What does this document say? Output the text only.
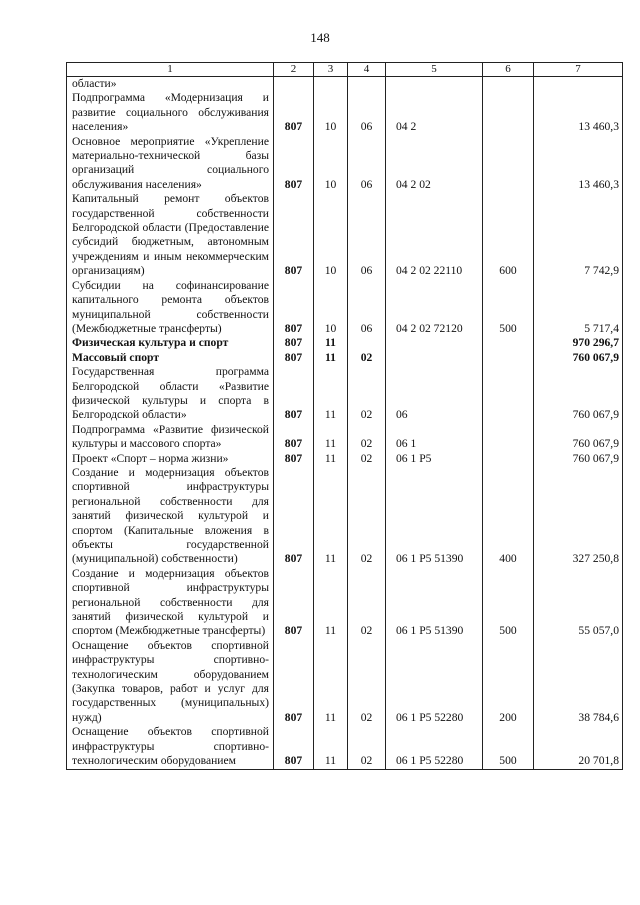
148
1	2	3	4	5	6	7
области»						
Подпрограмма «Модернизация и развитие социального обслуживания населения»	807	10	06	04 2		13 460,3
Основное мероприятие «Укрепление материально-технической базы организаций социального обслуживания населения»	807	10	06	04 2 02		13 460,3
Капитальный ремонт объектов государственной собственности Белгородской области (Предоставление субсидий бюджетным, автономным учреждениям и иным некоммерческим организациям)	807	10	06	04 2 02 22110	600	7 742,9
Субсидии на софинансирование капитального ремонта объектов муниципальной собственности (Межбюджетные трансферты)	807	10	06	04 2 02 72120	500	5 717,4
Физическая культура и спорт	807	11				970 296,7
Массовый спорт	807	11	02			760 067,9
Государственная программа Белгородской области «Развитие физической культуры и спорта в Белгородской области»	807	11	02	06		760 067,9
Подпрограмма «Развитие физической культуры и массового спорта»	807	11	02	06 1		760 067,9
Проект «Спорт – норма жизни»	807	11	02	06 1 P5		760 067,9
Создание и модернизация объектов спортивной инфраструктуры региональной собственности для занятий физической культурой и спортом (Капитальные вложения в объекты государственной (муниципальной) собственности)	807	11	02	06 1 P5 51390	400	327 250,8
Создание и модернизация объектов спортивной инфраструктуры региональной собственности для занятий физической культурой и спортом (Межбюджетные трансферты)	807	11	02	06 1 P5 51390	500	55 057,0
Оснащение объектов спортивной инфраструктуры спортивно-технологическим оборудованием (Закупка товаров, работ и услуг для государственных (муниципальных) нужд)	807	11	02	06 1 P5 52280	200	38 784,6
Оснащение объектов спортивной инфраструктуры спортивно-технологическим оборудованием	807	11	02	06 1 P5 52280	500	20 701,8
